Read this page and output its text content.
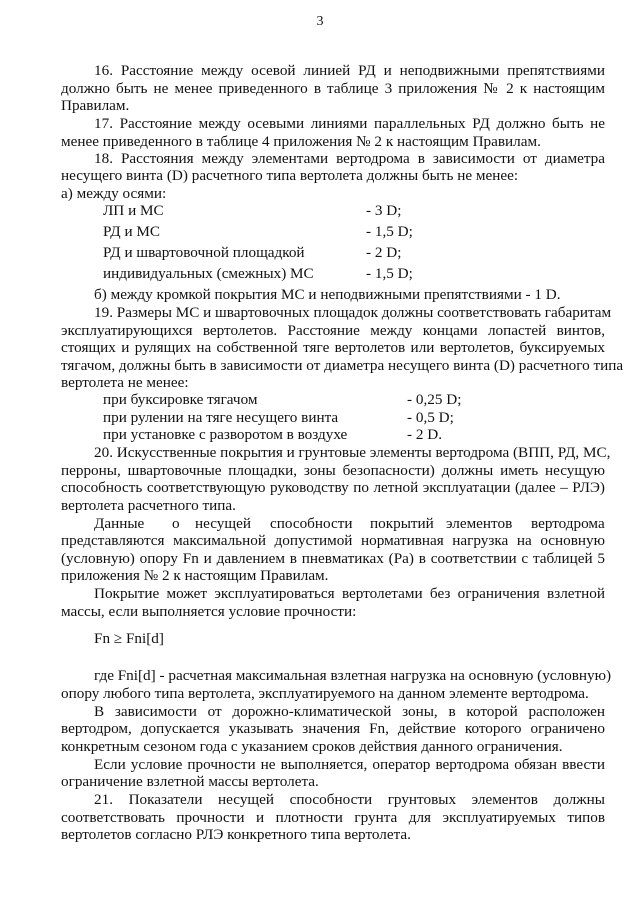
3
16. Расстояние между осевой линией РД и неподвижными препятствиями
должно быть не менее приведенного в таблице 3 приложения № 2 к настоящим
Правилам.
17. Расстояние между осевыми линиями параллельных РД должно быть не
менее приведенного в таблице 4 приложения № 2 к настоящим Правилам.
18. Расстояния между элементами вертодрома в зависимости от диаметра
несущего винта (D) расчетного типа вертолета должны быть не менее:
а) между осями:
ЛП и МС	- 3 D;
РД и МС	- 1,5 D;
РД и швартовочной площадкой	- 2 D;
индивидуальных (смежных) МС	- 1,5 D;
б) между кромкой покрытия МС и неподвижными препятствиями - 1 D.
19. Размеры МС и швартовочных площадок должны соответствовать габаритам
эксплуатирующихся вертолетов. Расстояние между концами лопастей винтов,
стоящих и рулящих на собственной тяге вертолетов или вертолетов, буксируемых
тягачом, должны быть в зависимости от диаметра несущего винта (D) расчетного типа
вертолета не менее:
при буксировке тягачом	- 0,25 D;
при рулении на тяге несущего винта	- 0,5 D;
при установке с разворотом в воздухе	- 2 D.
20. Искусственные покрытия и грунтовые элементы вертодрома (ВПП, РД, МС,
перроны, швартовочные площадки, зоны безопасности) должны иметь несущую
способность соответствующую руководству по летной эксплуатации (далее – РЛЭ)
вертолета расчетного типа.
Данные о несущей способности покрытий элементов вертодрома
представляются максимальной допустимой нормативная нагрузка на основную
(условную) опору Fn и давлением в пневматиках (Pa) в соответствии с таблицей 5
приложения № 2 к настоящим Правилам.
Покрытие может эксплуатироваться вертолетами без ограничения взлетной
массы, если выполняется условие прочности:
Fn ≥ Fni[d]
где Fni[d] - расчетная максимальная взлетная нагрузка на основную (условную)
опору любого типа вертолета, эксплуатируемого на данном элементе вертодрома.
В зависимости от дорожно-климатической зоны, в которой расположен
вертодром, допускается указывать значения Fn, действие которого ограничено
конкретным сезоном года с указанием сроков действия данного ограничения.
Если условие прочности не выполняется, оператор вертодрома обязан ввести
ограничение взлетной массы вертолета.
21. Показатели несущей способности грунтовых элементов должны
соответствовать прочности и плотности грунта для эксплуатируемых типов
вертолетов согласно РЛЭ конкретного типа вертолета.
